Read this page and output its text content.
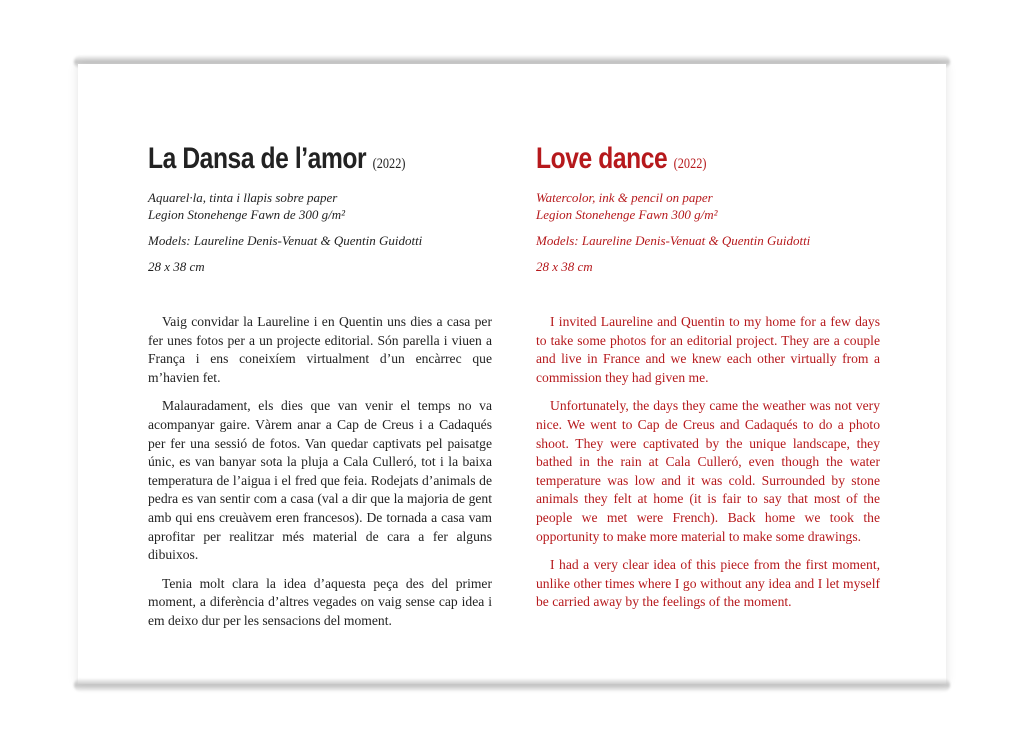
La Dansa de l’amor (2022)

Aquarel·la, tinta i llapis sobre paper

Legion Stonehenge Fawn de 300 g/m²

Models: Laureline Denis-Venuat & Quentin Guidotti

28 x 38 cm

Vaig convidar la Laureline i en Quentin uns dies a casa per fer unes fotos per a un projecte editorial. Són parella i viuen a França i ens coneixíem virtualment d’un encàrrec que m’havien fet.

Malauradament, els dies que van venir el temps no va acompanyar gaire. Vàrem anar a Cap de Creus i a Cadaqués per fer una sessió de fotos. Van quedar captivats pel paisatge únic, es van banyar sota la pluja a Cala Culleró, tot i la baixa temperatura de l’aigua i el fred que feia. Rodejats d’animals de pedra es van sentir com a casa (val a dir que la majoria de gent amb qui ens creuàvem eren francesos). De tornada a casa vam aprofitar per realitzar més material de cara a fer alguns dibuixos.

Tenia molt clara la idea d’aquesta peça des del primer moment, a diferència d’altres vegades on vaig sense cap idea i em deixo dur per les sensacions del moment.

Love dance (2022)

Watercolor, ink & pencil on paper

Legion Stonehenge Fawn 300 g/m²

Models: Laureline Denis-Venuat & Quentin Guidotti

28 x 38 cm

I invited Laureline and Quentin to my home for a few days to take some photos for an editorial project. They are a couple and live in France and we knew each other virtually from a commission they had given me.

Unfortunately, the days they came the weather was not very nice. We went to Cap de Creus and Cadaqués to do a photo shoot. They were captivated by the unique landscape, they bathed in the rain at Cala Culleró, even though the water temperature was low and it was cold. Surrounded by stone animals they felt at home (it is fair to say that most of the people we met were French). Back home we took the opportunity to make more material to make some drawings.

I had a very clear idea of this piece from the first moment, unlike other times where I go without any idea and I let myself be carried away by the feelings of the moment.
